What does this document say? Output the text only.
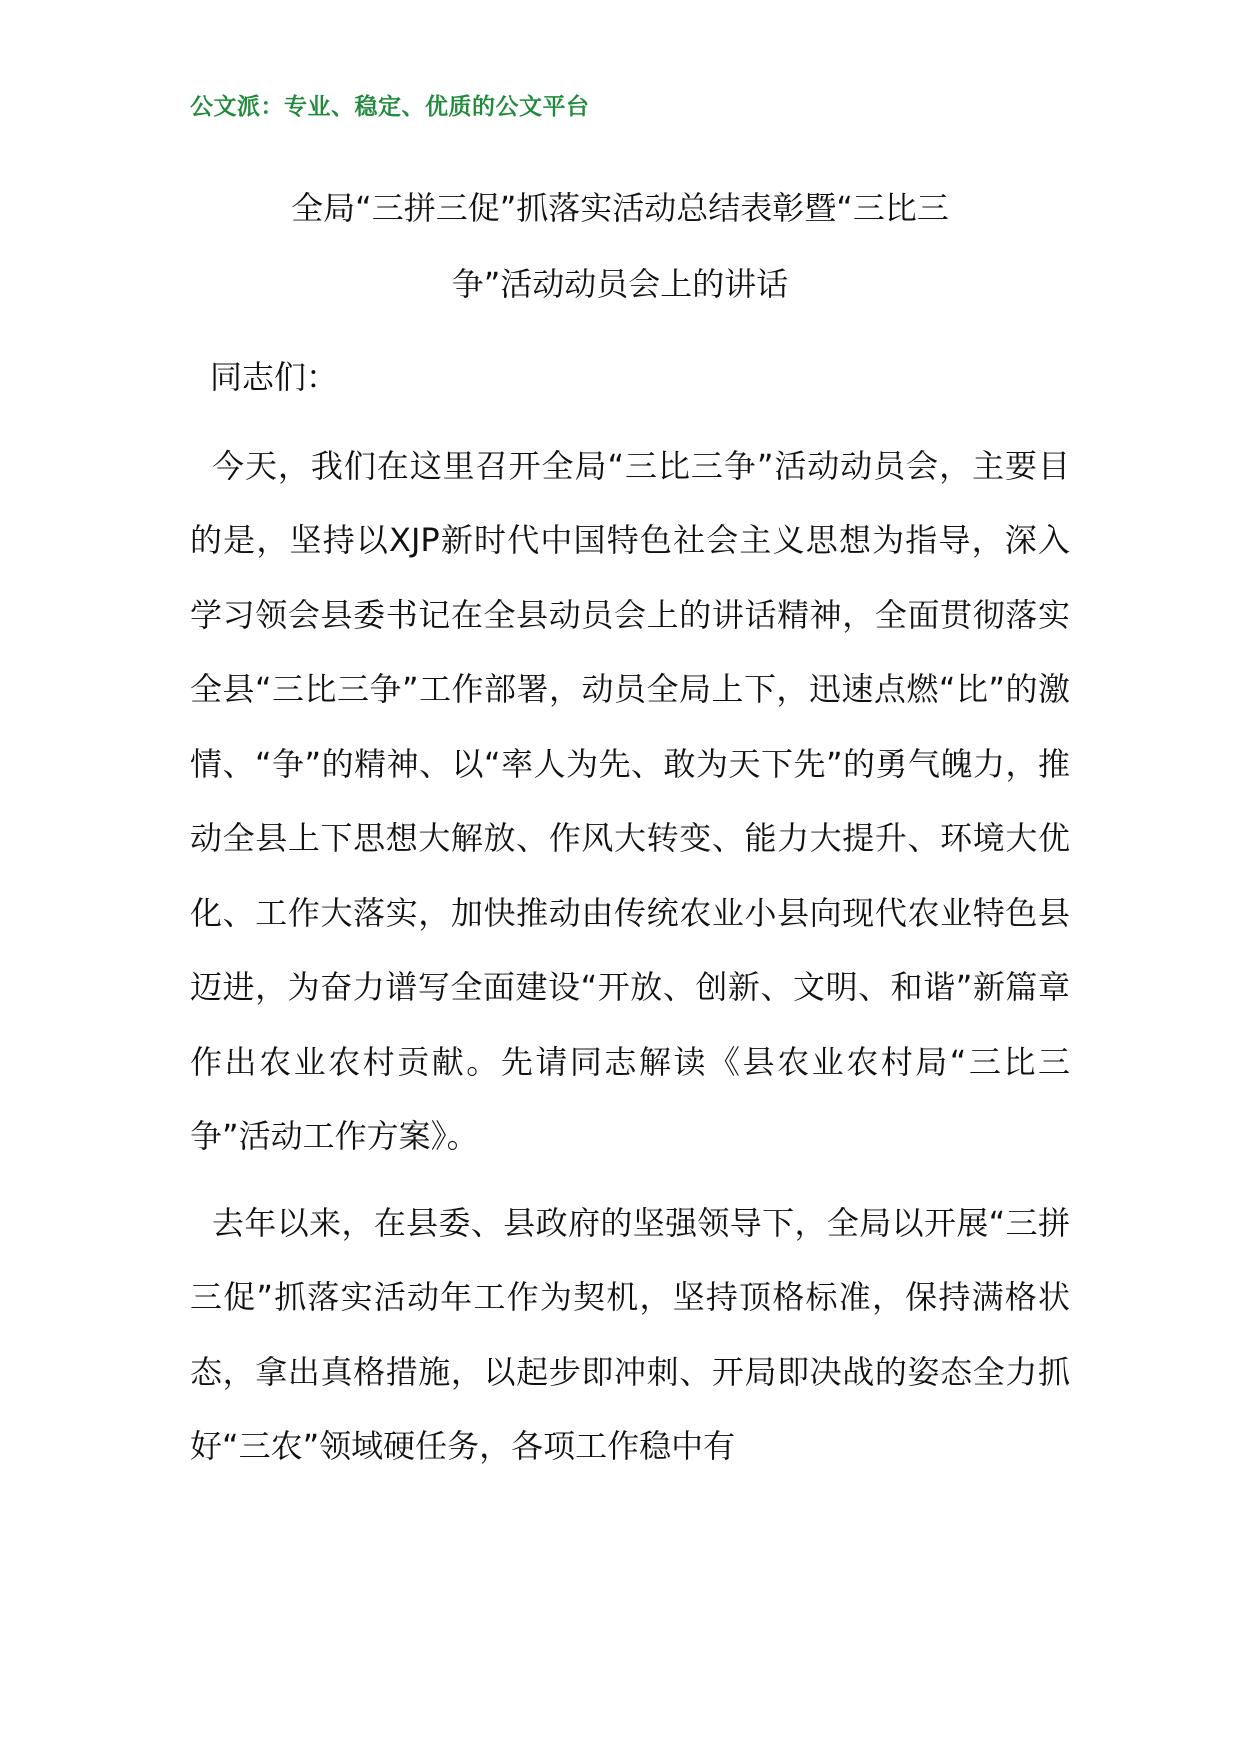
公文派：专业、稳定、优质的公文平台
全局“三拼三促”抓落实活动总结表彰暨“三比三
争”活动动员会上的讲话

同志们：

今天，我们在这里召开全局“三比三争”活动动员会，主要目的是，坚持以XJP新时代中国特色社会主义思想为指导，深入学习领会县委书记在全县动员会上的讲话精神，全面贯彻落实全县“三比三争”工作部署，动员全局上下，迅速点燃“比”的激情、“争”的精神、以“率人为先、敢为天下先”的勇气魄力，推动全县上下思想大解放、作风大转变、能力大提升、环境大优化、工作大落实，加快推动由传统农业小县向现代农业特色县迈进，为奋力谱写全面建设“开放、创新、文明、和谐”新篇章作出农业农村贡献。先请同志解读《县农业农村局“三比三争”活动工作方案》。

去年以来，在县委、县政府的坚强领导下，全局以开展“三拼三促”抓落实活动年工作为契机，坚持顶格标准，保持满格状态，拿出真格措施，以起步即冲刺、开局即决战的姿态全力抓好“三农”领域硬任务，各项工作稳中有
